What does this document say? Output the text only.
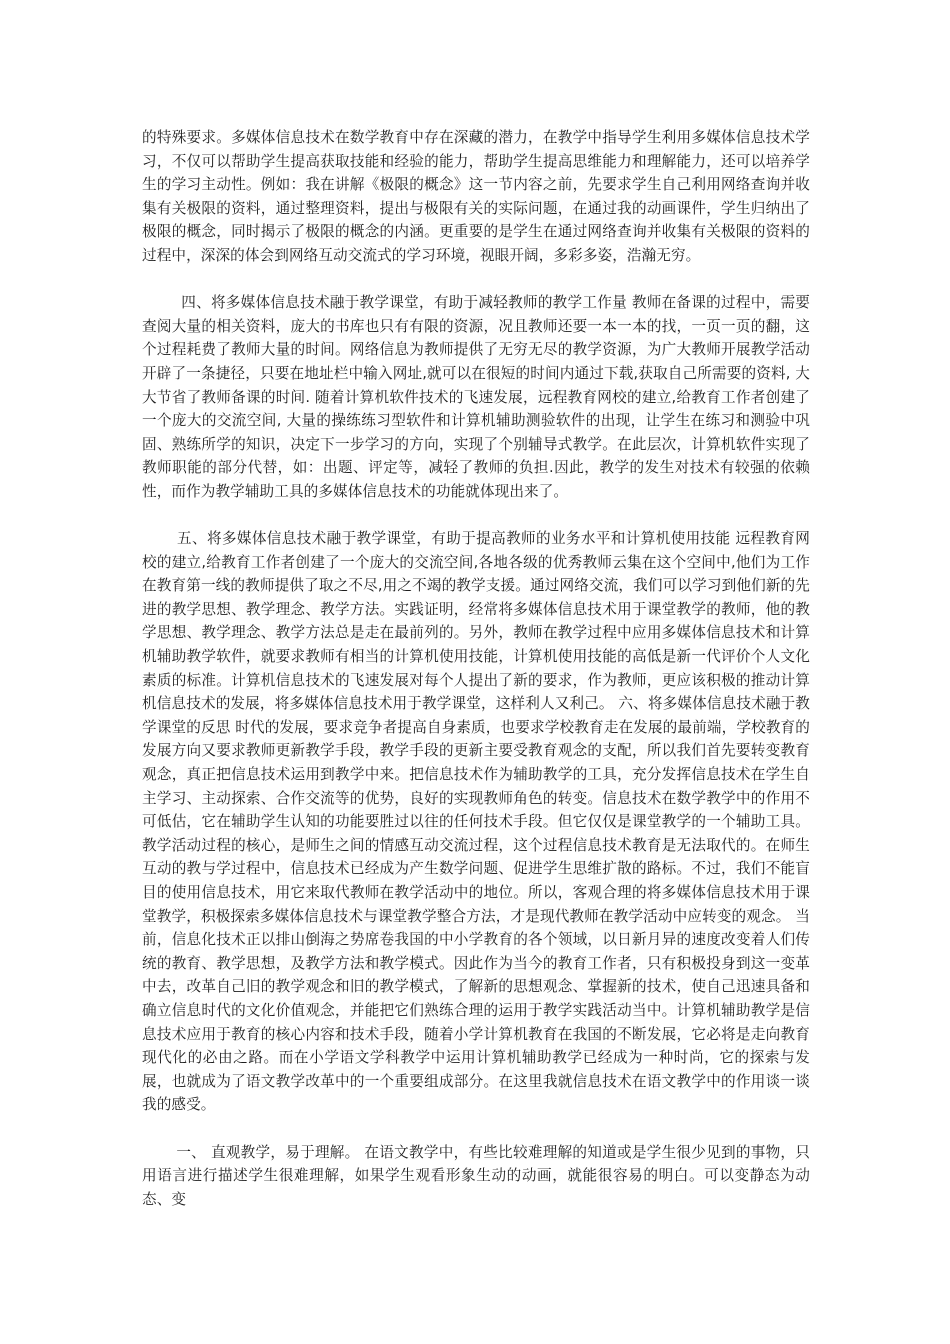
的特殊要求。多媒体信息技术在数学教育中存在深藏的潜力，在教学中指导学生利用多媒体信息技术学习，不仅可以帮助学生提高获取技能和经验的能力，帮助学生提高思维能力和理解能力，还可以培养学生的学习主动性。例如：我在讲解《极限的概念》这一节内容之前，先要求学生自己利用网络查询并收集有关极限的资料，通过整理资料，提出与极限有关的实际问题，在通过我的动画课件，学生归纳出了极限的概念，同时揭示了极限的概念的内涵。更重要的是学生在通过网络查询并收集有关极限的资料的过程中，深深的体会到网络互动交流式的学习环境，视眼开阔，多彩多姿，浩瀚无穷。

四、将多媒体信息技术融于教学课堂，有助于减轻教师的教学工作量 教师在备课的过程中，需要查阅大量的相关资料，庞大的书库也只有有限的资源，况且教师还要一本一本的找，一页一页的翻，这个过程耗费了教师大量的时间。网络信息为教师提供了无穷无尽的教学资源，为广大教师开展教学活动开辟了一条捷径，只要在地址栏中输入网址,就可以在很短的时间内通过下载,获取自己所需要的资料, 大大节省了教师备课的时间. 随着计算机软件技术的飞速发展，远程教育网校的建立,给教育工作者创建了一个庞大的交流空间, 大量的操练练习型软件和计算机辅助测验软件的出现，让学生在练习和测验中巩固、熟练所学的知识，决定下一步学习的方向，实现了个别辅导式教学。在此层次，计算机软件实现了教师职能的部分代替，如：出题、评定等，减轻了教师的负担.因此，教学的发生对技术有较强的依赖性，而作为教学辅助工具的多媒体信息技术的功能就体现出来了。

五、将多媒体信息技术融于教学课堂，有助于提高教师的业务水平和计算机使用技能 远程教育网校的建立,给教育工作者创建了一个庞大的交流空间,各地各级的优秀教师云集在这个空间中,他们为工作在教育第一线的教师提供了取之不尽,用之不竭的教学支援。通过网络交流，我们可以学习到他们新的先进的教学思想、教学理念、教学方法。实践证明，经常将多媒体信息技术用于课堂教学的教师，他的教学思想、教学理念、教学方法总是走在最前列的。另外，教师在教学过程中应用多媒体信息技术和计算机辅助教学软件，就要求教师有相当的计算机使用技能，计算机使用技能的高低是新一代评价个人文化素质的标准。计算机信息技术的飞速发展对每个人提出了新的要求，作为教师，更应该积极的推动计算机信息技术的发展，将多媒体信息技术用于教学课堂，这样利人又利己。 六、将多媒体信息技术融于教学课堂的反思 时代的发展，要求竞争者提高自身素质，也要求学校教育走在发展的最前端，学校教育的发展方向又要求教师更新教学手段，教学手段的更新主要受教育观念的支配，所以我们首先要转变教育观念，真正把信息技术运用到教学中来。把信息技术作为辅助教学的工具，充分发挥信息技术在学生自主学习、主动探索、合作交流等的优势，良好的实现教师角色的转变。信息技术在数学教学中的作用不可低估，它在辅助学生认知的功能要胜过以往的任何技术手段。但它仅仅是课堂教学的一个辅助工具。教学活动过程的核心，是师生之间的情感互动交流过程，这个过程信息技术教育是无法取代的。在师生互动的教与学过程中，信息技术已经成为产生数学问题、促进学生思维扩散的路标。不过，我们不能盲目的使用信息技术，用它来取代教师在教学活动中的地位。所以，客观合理的将多媒体信息技术用于课堂教学，积极探索多媒体信息技术与课堂教学整合方法，才是现代教师在教学活动中应转变的观念。 当前，信息化技术正以排山倒海之势席卷我国的中小学教育的各个领域，以日新月异的速度改变着人们传统的教育、教学思想，及教学方法和教学模式。因此作为当今的教育工作者，只有积极投身到这一变革中去，改革自己旧的教学观念和旧的教学模式，了解新的思想观念、掌握新的技术，使自己迅速具备和确立信息时代的文化价值观念，并能把它们熟练合理的运用于教学实践活动当中。计算机辅助教学是信息技术应用于教育的核心内容和技术手段，随着小学计算机教育在我国的不断发展，它必将是走向教育现代化的必由之路。而在小学语文学科教学中运用计算机辅助教学已经成为一种时尚，它的探索与发展，也就成为了语文教学改革中的一个重要组成部分。在这里我就信息技术在语文教学中的作用谈一谈我的感受。

一、 直观教学，易于理解。 在语文教学中，有些比较难理解的知道或是学生很少见到的事物，只用语言进行描述学生很难理解，如果学生观看形象生动的动画，就能很容易的明白。可以变静态为动态、变
